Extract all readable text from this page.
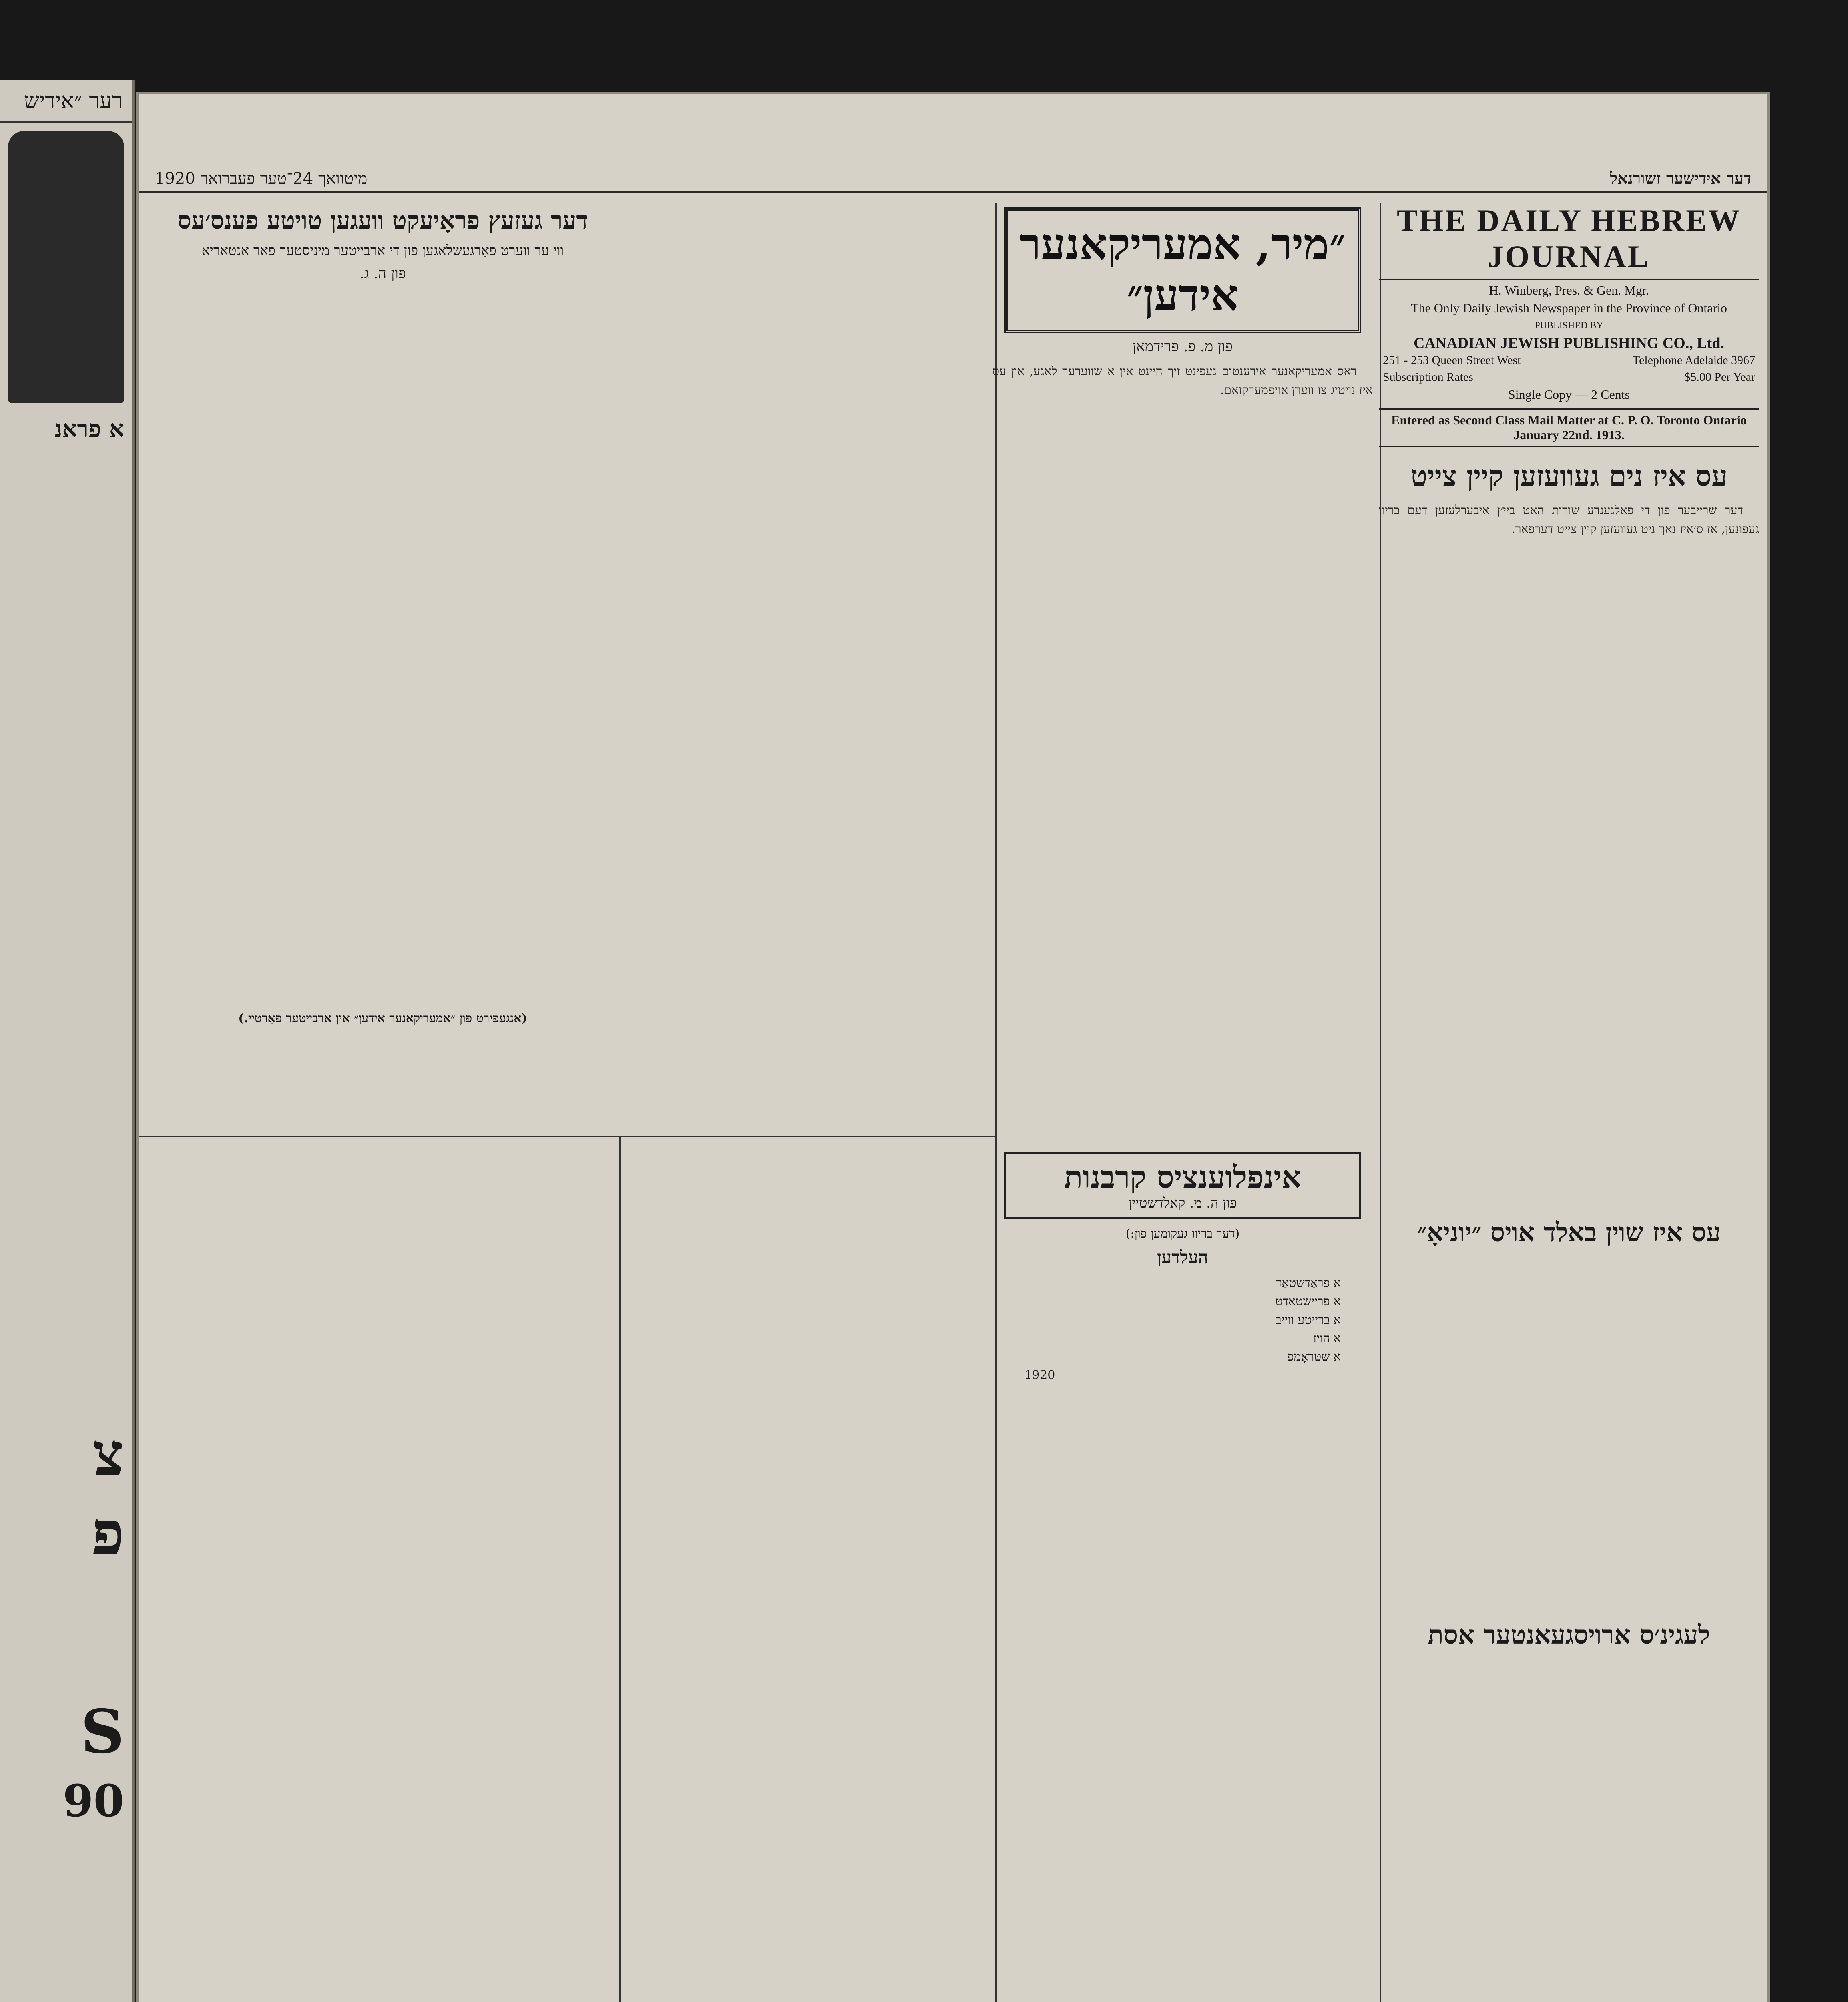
רער ״אידיש
א פראנ
צ
פ
S
90
דער אידישער זשורנאל
מיטוואך 24־טער פעברואר 1920
THE DAILY HEBREW JOURNAL
H. Winberg, Pres. & Gen. Mgr.
The Only Daily Jewish Newspaper in the Province of Ontario
PUBLISHED BY
CANADIAN JEWISH PUBLISHING CO., Ltd.
251 - 253 Queen Street West	Telephone Adelaide 3967
Subscription Rates	$5.00 Per Year
Single Copy — 2 Cents
Entered as Second Class Mail Matter at C. P. O. Toronto Ontario
January 22nd. 1913.
עס איז נים געוועזען קיין צייט

דער שרייבער פון די פאלגענדע שורות האט ביי׳ן איבערלעזען דעם בריוו געפונען, אז ס׳איז נאך ניט געוועזען קיין צייט דערפאר.

עס איז שוין באלד אויס ״יוניאָ״
לעגינ׳ס ארויסגעאנטער אסת
״מיר, אמעריקאנער אידען״
פון מ. פ. פרידמאן

דאס אמעריקאנער אידענטום געפינט זיך היינט אין א שווערער לאגע, און עס איז נויטיג צו ווערן אויפמערקזאם.

אינפלוענציס קרבנות
פון ה. מ. קאלדשטיין
(דער בריוו געקומען פון:)
העלדען
א פראָדשטאַד
א פריישטאדט
א ברייטע ווייב
א הויז
א שטראָמפ
1920
דער געזעץ פראָיעקט וועגען טויטע פענס׳עס
ווי ער ווערט פאָרגעשלאגען פון די ארבייטער מיניסטער פאר אנטאריא
פון ה. ג.
(אנגעפירט פון ״אמעריקאנער אידען״ אין ארבייטער פאַרטיי.)
